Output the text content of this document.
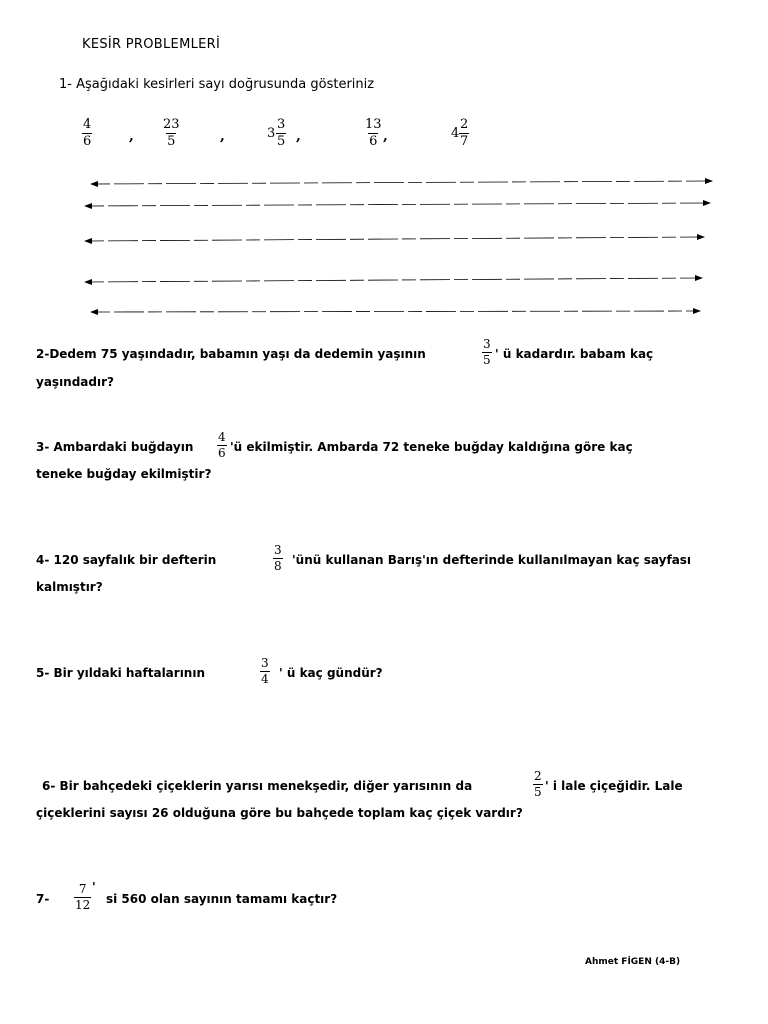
KESİR PROBLEMLERİ
1- Aşağıdaki kesirleri sayı doğrusunda gösteriniz
$\frac{4}{6}$	, $\frac{23}{5}$	,	$3 \frac{3}{5}$ ,	$\frac{13}{6}$ ,	$4 \frac{2}{7}$
2-Dedem 75 yaşındadır, babamın yaşı da dedemin yaşının	$\frac{3}{5}$ ' ü kadardır. babam kaç
yaşındadır?
3- Ambardaki buğdayın $\frac{4}{6}$ 'ü ekilmiştir. Ambarda 72 teneke buğday kaldığına göre kaç
teneke buğday ekilmiştir?
4- 120 sayfalık bir defterin	$\frac{3}{8}$ 'ünü kullanan Barış'ın defterinde kullanılmayan kaç sayfası
kalmıştır?
5- Bir yıldaki haftalarının	$\frac{3}{4}$ ' ü kaç gündür?
6- Bir bahçedeki çiçeklerin yarısı menekşedir, diğer yarısının da	$\frac{2}{5}$ ' i lale çiçeğidir. Lale
çiçeklerini sayısı 26 olduğuna göre bu bahçede toplam kaç çiçek vardır?
$7- \frac{7}{12}$ '
si 560 olan sayının tamamı kaçtır?
Ahmet FİGEN (4-B)
